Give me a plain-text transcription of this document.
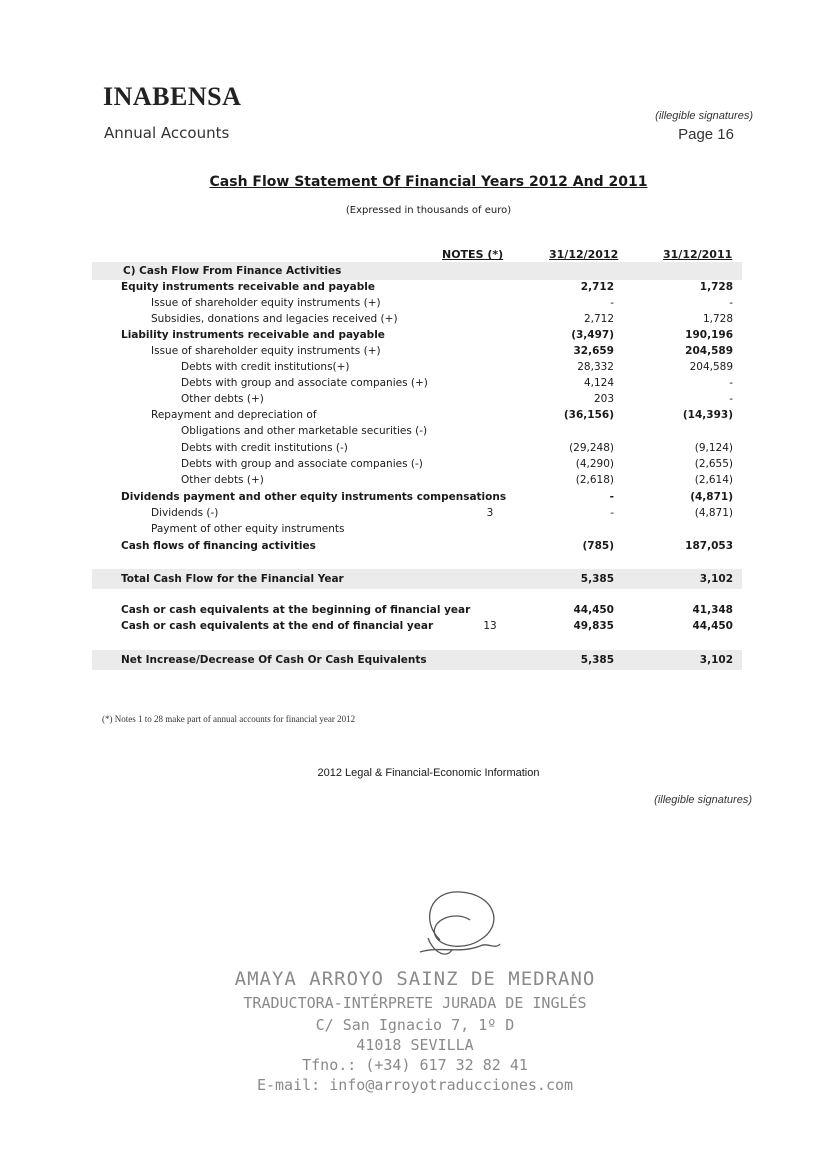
INABENSA
Annual Accounts
(illegible signatures)
Page 16
Cash Flow Statement Of Financial Years 2012 And 2011
(Expressed in thousands of euro)
NOTES (*)	31/12/2012	31/12/2011
C) Cash Flow From Finance Activities
Equity instruments receivable and payable	2,712	1,728
Issue of shareholder equity instruments (+)	-	-
Subsidies, donations and legacies received (+)	2,712	1,728
Liability instruments receivable and payable	(3,497)	190,196
Issue of shareholder equity instruments (+)	32,659	204,589
Debts with credit institutions(+)	28,332	204,589
Debts with group and associate companies (+)	4,124	-
Other debts (+)	203	-
Repayment and depreciation of	(36,156)	(14,393)
Obligations and other marketable securities (-)
Debts with credit institutions (-)	(29,248)	(9,124)
Debts with group and associate companies (-)	(4,290)	(2,655)
Other debts (+)	(2,618)	(2,614)
Dividends payment and other equity instruments compensations	-	(4,871)
Dividends (-)	3	-	(4,871)
Payment of other equity instruments
Cash flows of financing activities	(785)	187,053
Total Cash Flow for the Financial Year	5,385	3,102
Cash or cash equivalents at the beginning of financial year	44,450	41,348
Cash or cash equivalents at the end of financial year	13	49,835	44,450
Net Increase/Decrease Of Cash Or Cash Equivalents	5,385	3,102
(*) Notes 1 to 28 make part of annual accounts for financial year 2012
2012 Legal & Financial-Economic Information
(illegible signatures)
AMAYA ARROYO SAINZ DE MEDRANO
TRADUCTORA-INTÉRPRETE JURADA DE INGLÉS
C/ San Ignacio 7, 1º D
41018 SEVILLA
Tfno.: (+34) 617 32 82 41
E-mail: info@arroyotraducciones.com
